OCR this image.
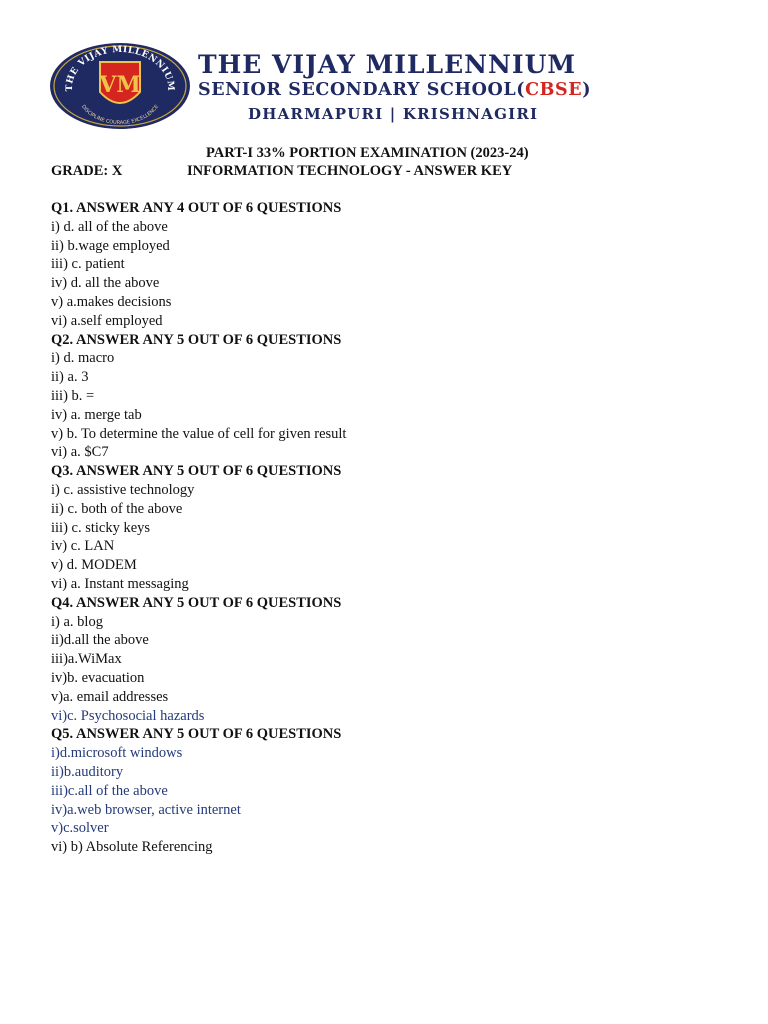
THE VIJAY MILLENNIUM
DISCIPLINE COURAGE EXCELLENCE
VM
THE VIJAY MILLENNIUM
SENIOR SECONDARY SCHOOL(CBSE)
DHARMAPURI | KRISHNAGIRI
PART-I 33% PORTION EXAMINATION (2023-24)
GRADE: X	INFORMATION TECHNOLOGY - ANSWER KEY
Q1. ANSWER ANY 4 OUT OF 6 QUESTIONS
i) d. all of the above
ii) b.wage employed
iii) c. patient
iv) d. all the above
v) a.makes decisions
vi) a.self employed
Q2. ANSWER ANY 5 OUT OF 6 QUESTIONS
i) d. macro
ii) a. 3
iii) b. =
iv) a. merge tab
v) b. To determine the value of cell for given result
vi) a. $C7
Q3. ANSWER ANY 5 OUT OF 6 QUESTIONS
i) c. assistive technology
ii) c. both of the above
iii) c. sticky keys
iv) c. LAN
v) d. MODEM
vi) a. Instant messaging
Q4. ANSWER ANY 5 OUT OF 6 QUESTIONS
i) a. blog
ii)d.all the above
iii)a.WiMax
iv)b. evacuation
v)a. email addresses
vi)c. Psychosocial hazards
Q5. ANSWER ANY 5 OUT OF 6 QUESTIONS
i)d.microsoft windows
ii)b.auditory
iii)c.all of the above
iv)a.web browser, active internet
v)c.solver
vi) b) Absolute Referencing
